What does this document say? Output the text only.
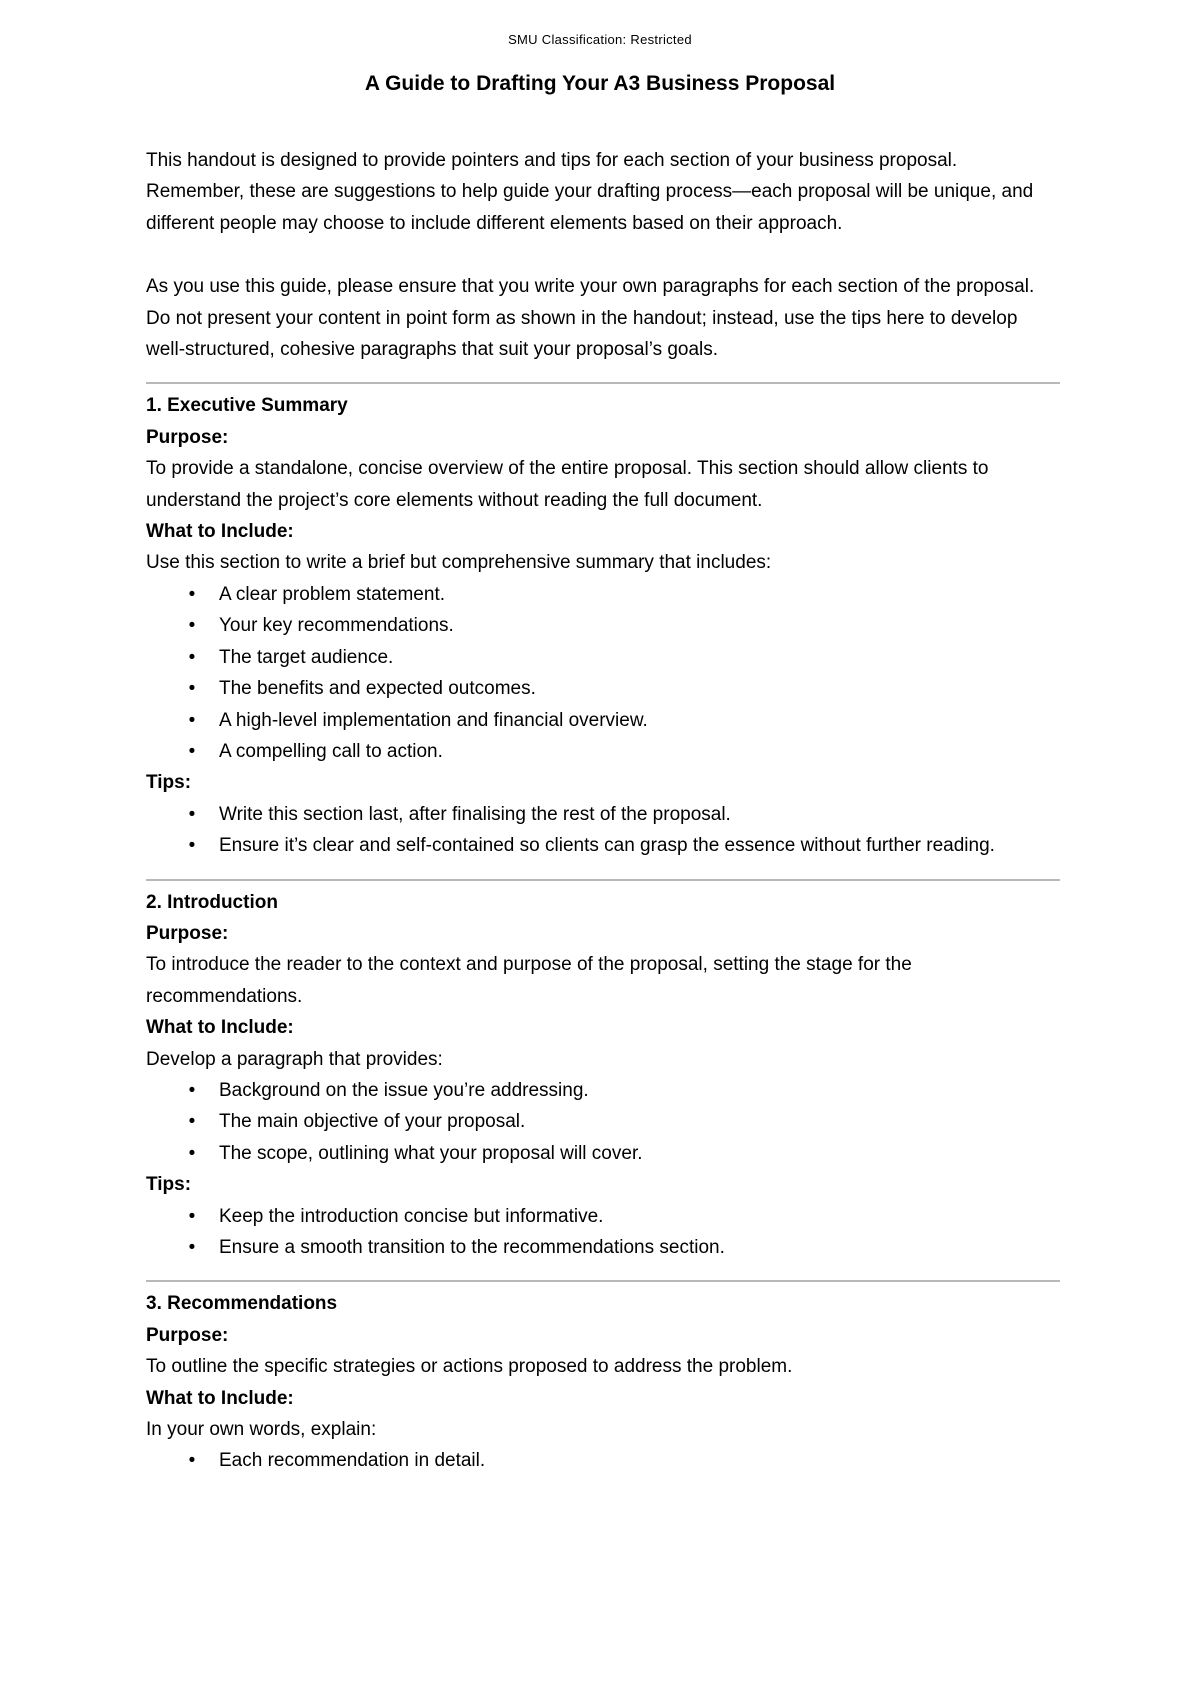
SMU Classification: Restricted
A Guide to Drafting Your A3 Business Proposal

This handout is designed to provide pointers and tips for each section of your business proposal. Remember, these are suggestions to help guide your drafting process—each proposal will be unique, and different people may choose to include different elements based on their approach.

As you use this guide, please ensure that you write your own paragraphs for each section of the proposal. Do not present your content in point form as shown in the handout; instead, use the tips here to develop well-structured, cohesive paragraphs that suit your proposal’s goals.

1. Executive Summary

Purpose:

To provide a standalone, concise overview of the entire proposal. This section should allow clients to understand the project’s core elements without reading the full document.

What to Include:

Use this section to write a brief but comprehensive summary that includes:

•	A clear problem statement.
•	Your key recommendations.
•	The target audience.
•	The benefits and expected outcomes.
•	A high-level implementation and financial overview.
•	A compelling call to action.

Tips:

•	Write this section last, after finalising the rest of the proposal.
•	Ensure it’s clear and self-contained so clients can grasp the essence without further reading.

2. Introduction

Purpose:

To introduce the reader to the context and purpose of the proposal, setting the stage for the recommendations.

What to Include:

Develop a paragraph that provides:

•	Background on the issue you’re addressing.
•	The main objective of your proposal.
•	The scope, outlining what your proposal will cover.

Tips:

•	Keep the introduction concise but informative.
•	Ensure a smooth transition to the recommendations section.

3. Recommendations

Purpose:

To outline the specific strategies or actions proposed to address the problem.

What to Include:

In your own words, explain:

•	Each recommendation in detail.
